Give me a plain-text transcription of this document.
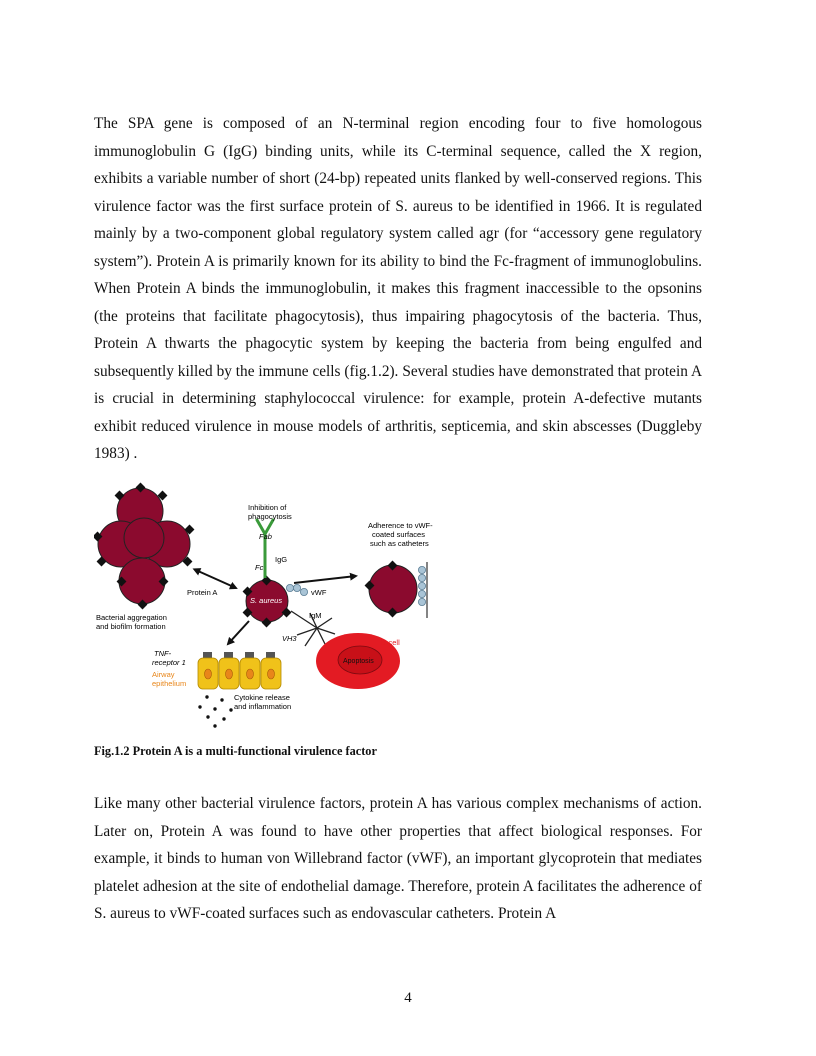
The SPA gene is composed of an N-terminal region encoding four to five homologous immunoglobulin G (IgG) binding units, while its C-terminal sequence, called the X region, exhibits a variable number of short (24-bp) repeated units flanked by well-conserved regions. This virulence factor was the first surface protein of S. aureus to be identified in 1966. It is regulated mainly by a two-component global regulatory system called agr (for “accessory gene regulatory system”). Protein A is primarily known for its ability to bind the Fc-fragment of immunoglobulins. When Protein A binds the immunoglobulin, it makes this fragment inaccessible to the opsonins (the proteins that facilitate phagocytosis), thus impairing phagocytosis of the bacteria. Thus, Protein A thwarts the phagocytic system by keeping the bacteria from being engulfed and subsequently killed by the immune cells (fig.1.2). Several studies have demonstrated that protein A is crucial in determining staphylococcal virulence: for example, protein A-defective mutants exhibit reduced virulence in mouse models of arthritis, septicemia, and skin abscesses (Duggleby 1983) .

Bacterial aggregation
and biofilm formation
Protein A
S. aureus
Inhibition of
phagocytosis
Fab
IgG
Fc
vWF
Adherence to vWF-
coated surfaces
such as catheters
IgM
VH3
Apoptosis
B-cell
TNF-
receptor 1
Airway
epithelium
Cytokine release
and inflammation

Fig.1.2 Protein A is a multi-functional virulence factor

Like many other bacterial virulence factors, protein A has various complex mechanisms of action. Later on, Protein A was found to have other properties that affect biological responses. For example, it binds to human von Willebrand factor (vWF), an important glycoprotein that mediates platelet adhesion at the site of endothelial damage. Therefore, protein A facilitates the adherence of S. aureus to vWF-coated surfaces such as endovascular catheters. Protein A

4
